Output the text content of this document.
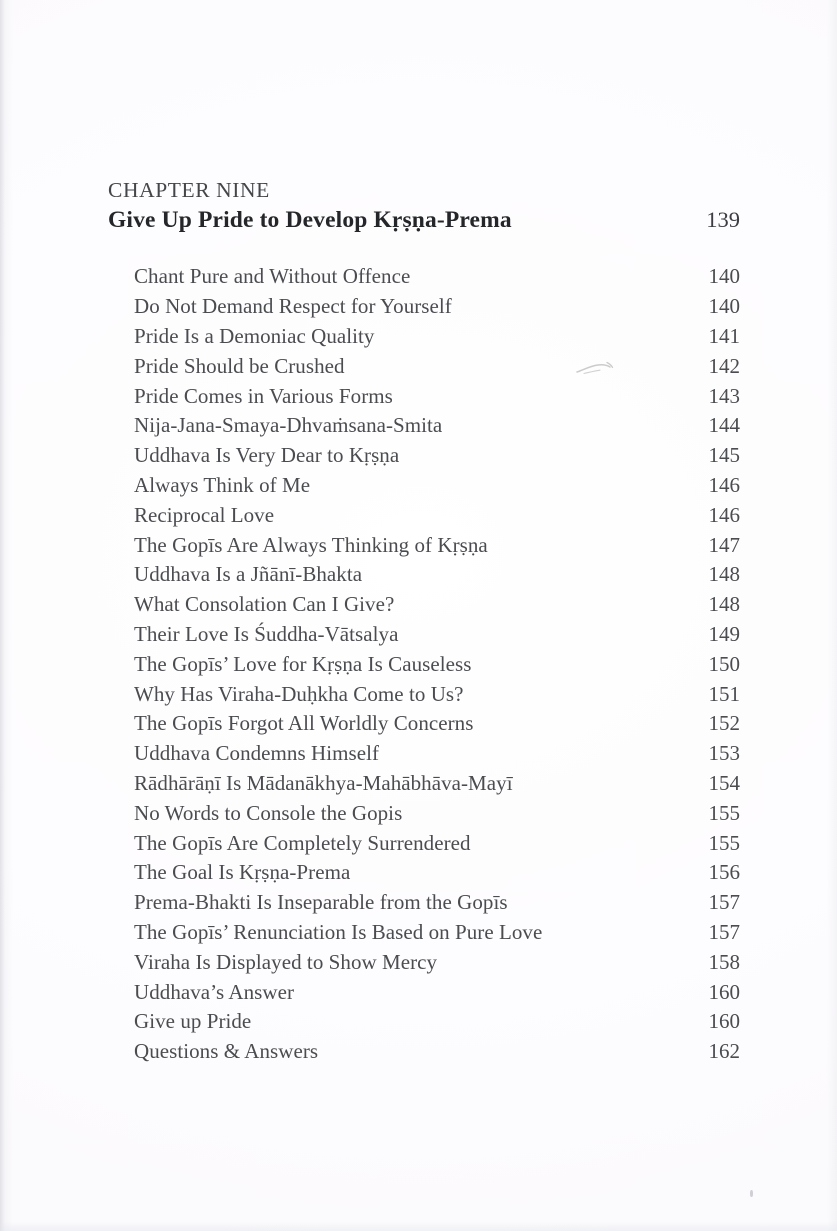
CHAPTER NINE
Give Up Pride to Develop Kṛṣṇa-Prema	139
Chant Pure and Without Offence	140
Do Not Demand Respect for Yourself	140
Pride Is a Demoniac Quality	141
Pride Should be Crushed	142
Pride Comes in Various Forms	143
Nija-Jana-Smaya-Dhvaṁsana-Smita	144
Uddhava Is Very Dear to Kṛṣṇa	145
Always Think of Me	146
Reciprocal Love	146
The Gopīs Are Always Thinking of Kṛṣṇa	147
Uddhava Is a Jñānī-Bhakta	148
What Consolation Can I Give?	148
Their Love Is Śuddha-Vātsalya	149
The Gopīs’ Love for Kṛṣṇa Is Causeless	150
Why Has Viraha-Duḥkha Come to Us?	151
The Gopīs Forgot All Worldly Concerns	152
Uddhava Condemns Himself	153
Rādhārāṇī Is Mādanākhya-Mahābhāva-Mayī	154
No Words to Console the Gopis	155
The Gopīs Are Completely Surrendered	155
The Goal Is Kṛṣṇa-Prema	156
Prema-Bhakti Is Inseparable from the Gopīs	157
The Gopīs’ Renunciation Is Based on Pure Love	157
Viraha Is Displayed to Show Mercy	158
Uddhava’s Answer	160
Give up Pride	160
Questions & Answers	162
